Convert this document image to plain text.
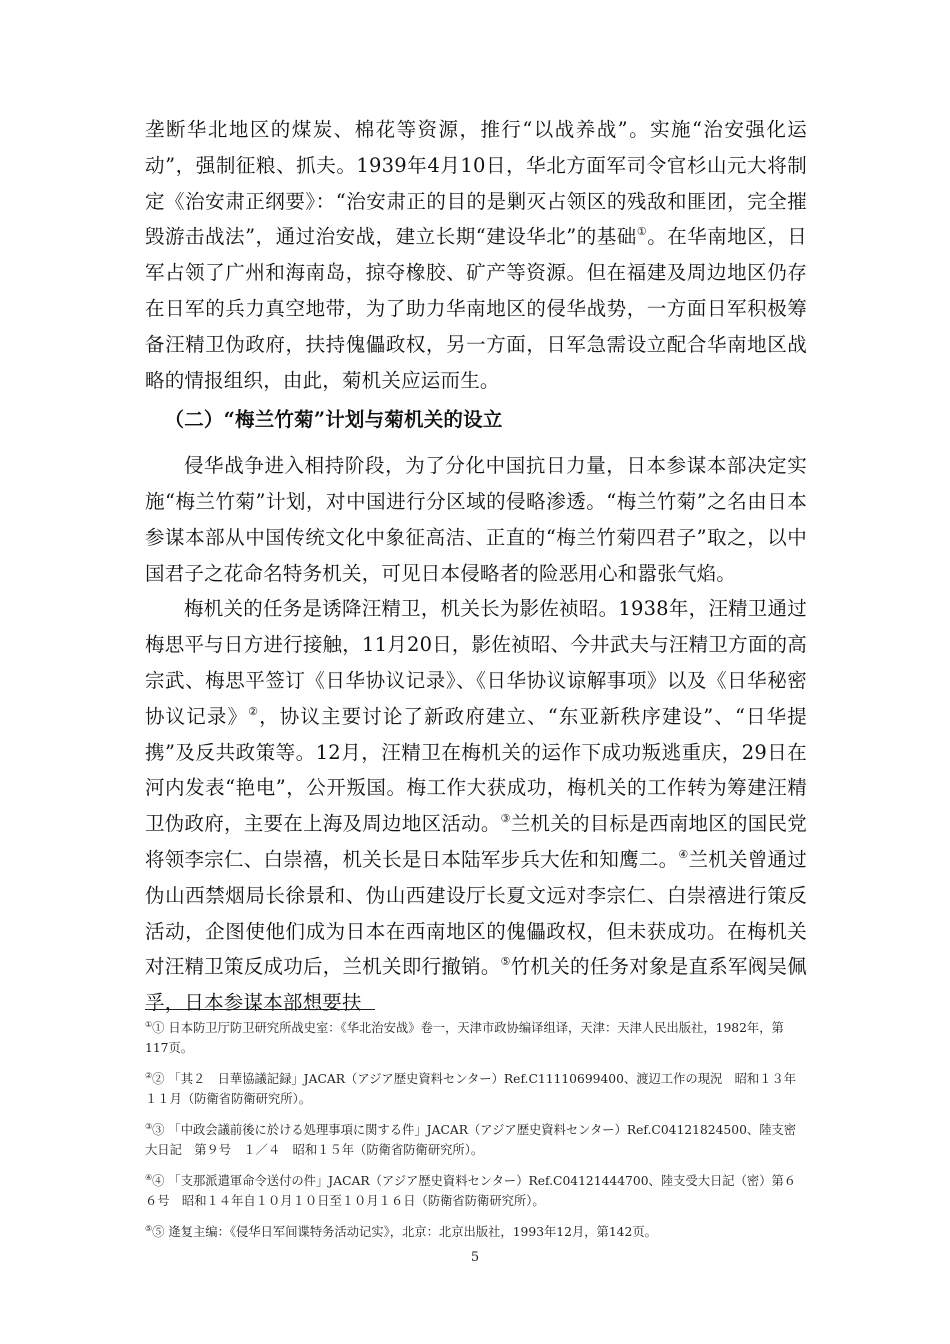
垄断华北地区的煤炭、棉花等资源，推行“以战养战”。实施“治安强化运动”，强制征粮、抓夫。1939年4月10日，华北方面军司令官杉山元大将制定《治安肃正纲要》：“治安肃正的目的是剿灭占领区的残敌和匪团，完全摧毁游击战法”，通过治安战，建立长期“建设华北”的基础①。在华南地区，日军占领了广州和海南岛，掠夺橡胶、矿产等资源。但在福建及周边地区仍存在日军的兵力真空地带，为了助力华南地区的侵华战势，一方面日军积极筹备汪精卫伪政府，扶持傀儡政权，另一方面，日军急需设立配合华南地区战略的情报组织，由此，菊机关应运而生。

（二）“梅兰竹菊”计划与菊机关的设立

侵华战争进入相持阶段，为了分化中国抗日力量，日本参谋本部决定实施“梅兰竹菊”计划，对中国进行分区域的侵略渗透。“梅兰竹菊”之名由日本参谋本部从中国传统文化中象征高洁、正直的“梅兰竹菊四君子”取之，以中国君子之花命名特务机关，可见日本侵略者的险恶用心和嚣张气焰。

梅机关的任务是诱降汪精卫，机关长为影佐祯昭。1938年，汪精卫通过梅思平与日方进行接触，11月20日，影佐祯昭、今井武夫与汪精卫方面的高宗武、梅思平签订《日华协议记录》、《日华协议谅解事项》以及《日华秘密协议记录》②，协议主要讨论了新政府建立、“东亚新秩序建设”、“日华提携”及反共政策等。12月，汪精卫在梅机关的运作下成功叛逃重庆，29日在河内发表“艳电”，公开叛国。梅工作大获成功，梅机关的工作转为筹建汪精卫伪政府，主要在上海及周边地区活动。③兰机关的目标是西南地区的国民党将领李宗仁、白崇禧，机关长是日本陆军步兵大佐和知鹰二。④兰机关曾通过伪山西禁烟局长徐景和、伪山西建设厅长夏文远对李宗仁、白崇禧进行策反活动，企图使他们成为日本在西南地区的傀儡政权，但未获成功。在梅机关对汪精卫策反成功后，兰机关即行撤销。⑤竹机关的任务对象是直系军阀吴佩孚，日本参谋本部想要扶

①① 日本防卫厅防卫研究所战史室：《华北治安战》卷一，天津市政协编译组译，天津：天津人民出版社，1982年，第117页。

②② 「其２　日華協議記録」JACAR（アジア歴史資料センター）Ref.C11110699400、渡辺工作の現況　昭和１３年１１月（防衛省防衛研究所）。

③③ 「中政会議前後に於ける処理事項に関する件」JACAR（アジア歴史資料センター）Ref.C04121824500、陸支密大日記　第９号　１／４　昭和１５年（防衛省防衛研究所）。

④④ 「支那派遣軍命令送付の件」JACAR（アジア歴史資料センター）Ref.C04121444700、陸支受大日記（密）第６６号　昭和１４年自１０月１０日至１０月１６日（防衛省防衛研究所）。

⑤⑤ 逄复主编：《侵华日军间谍特务活动记实》，北京：北京出版社，1993年12月，第142页。

5
